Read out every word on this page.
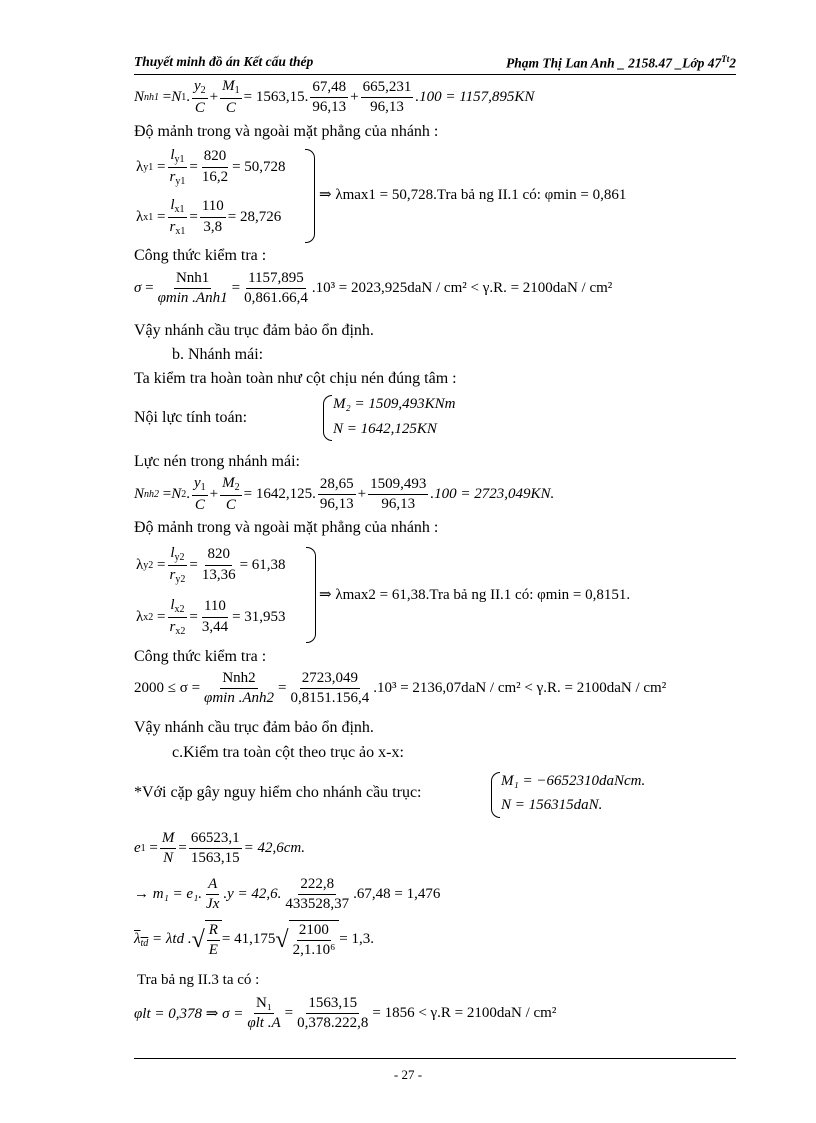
Thuyết minh đồ án Kết cấu thép	Phạm Thị Lan Anh _ 2158.47 _Lớp $47^{Tt}2$
N nh1 = N 1 . $\frac{y_2}{C} + \frac{M_1}{C} = 1563,15$. $\frac{67,48}{96,13} + \frac{665,231}{96,13} .100 = 1157,895KN$
Độ mảnh trong và ngoài mặt phẳng của nhánh :
λ $y1 = \frac{l_{y1}}{r_{y1}} = \frac{820}{16,2} = 50,728$
λ $x1 = \frac{l_{x1}}{r_{x1}} = \frac{110}{3,8} = 28,726$
⇒ λmax1 = 50,728.Tra bả ng II.1 có: φmin = 0,861
Công thức kiểm tra :
$\sigma = \frac{\text{Nnh1}}{\text{φmin .Anh1}} = \frac{1157,895}{0,861.66,4} .10^3 = 2023,925daN / cm^2 < \gamma.R$. = 2100daN / cm²
Vậy nhánh cầu trục đảm bảo ổn định.
b. Nhánh mái:
Ta kiểm tra hoàn toàn như cột chịu nén đúng tâm :
Nội lực tính toán:
M₂ = 1509,493KNm
N = 1642,125KN
Lực nén trong nhánh mái:
N nh2 = N 2 . $\frac{y_1}{C} + \frac{M_2}{C} = 1642,125$. $\frac{28,65}{96,13} + \frac{1509,493}{96,13} .100 = 2723,049KN$.
Độ mảnh trong và ngoài mặt phẳng của nhánh :
λ $y2 = \frac{l_{y2}}{r_{y2}} = \frac{820}{13,36} = 61,38$
λ $x2 = \frac{l_{x2}}{r_{x2}} = \frac{110}{3,44} = 31,953$
⇒ λmax2 = 61,38.Tra bả ng II.1 có: φmin = 0,8151.
Công thức kiểm tra :
$2000 \le \sigma = \frac{\text{Nnh2}}{\text{φmin .Anh2}} = \frac{2723,049}{0,8151.156,4} .10^3 = 2136,07daN / cm^2 < \gamma.R$. = 2100daN / cm²
Vậy nhánh cầu trục đảm bảo ổn định.
c.Kiểm tra toàn cột theo trục ảo x-x:
*Với cặp gây nguy hiểm cho nhánh cầu trục:
M₁ = −6652310daNcm.
N = 156315daN.
e $1 = \frac{M}{N} = \frac{66523,1}{1563,15} = 42,6cm$.
→ m₁ = e₁. $\frac{A}{Jx} .y = 42,6$. $\frac{222,8}{433528,37} .67,48 = 1,476$
$\lambda_{td}$
= λtd . √ $\frac{R}{E} = 41,175$ √ $\frac{2100}{\text{2,1.10⁶}} = 1,3$.
Tra bả ng II.3 ta có :
φlt = 0,378 ⇒ $\sigma = \frac{\text{N₁}}{\text{φlt .A}} = \frac{1563,15}{0,378.222,8} = 1856 < \gamma.R = 2100daN / cm^2$
- 27 -
